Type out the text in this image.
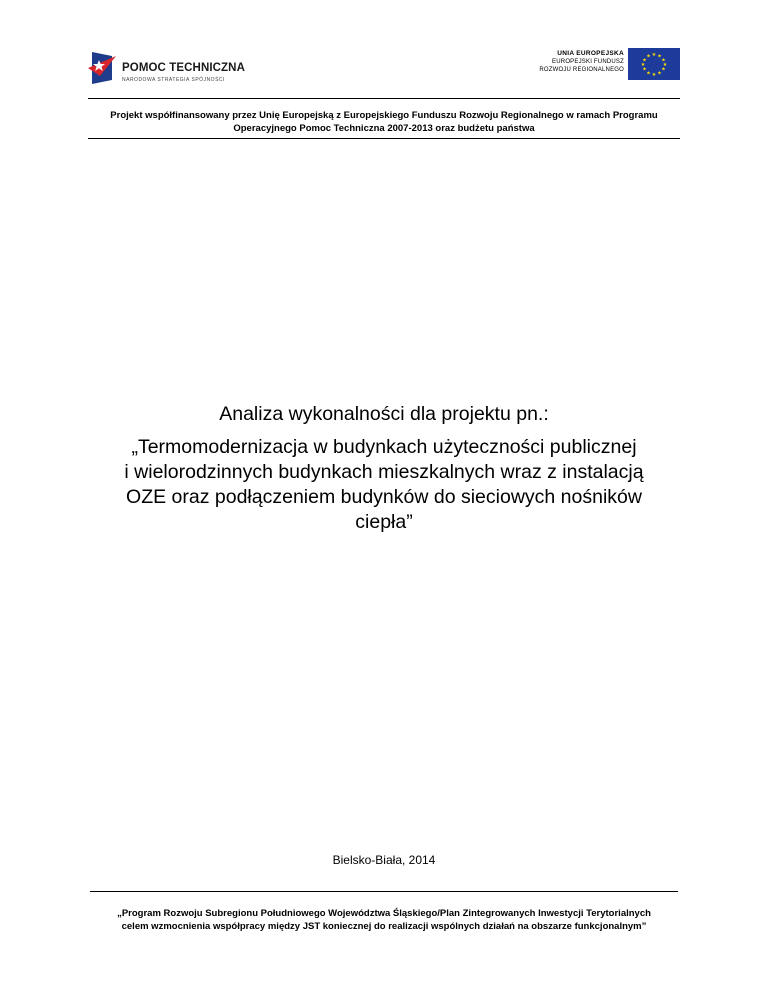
POMOC TECHNICZNA
NARODOWA STRATEGIA SPÓJNOŚCI
UNIA EUROPEJSKA
EUROPEJSKI FUNDUSZ
ROZWOJU REGIONALNEGO
★ ★
★
★
★
★
★
★
★
★
★
★
Projekt współfinansowany przez Unię Europejską z Europejskiego Funduszu Rozwoju Regionalnego w ramach Programu
Operacyjnego Pomoc Techniczna 2007-2013 oraz budżetu państwa
Analiza wykonalności dla projektu pn.:
„Termomodernizacja w budynkach użyteczności publicznej
i wielorodzinnych budynkach mieszkalnych wraz z instalacją
OZE oraz podłączeniem budynków do sieciowych nośników
ciepła”
Bielsko-Biała, 2014
„Program Rozwoju Subregionu Południowego Województwa Śląskiego/Plan Zintegrowanych Inwestycji Terytorialnych
celem wzmocnienia współpracy między JST koniecznej do realizacji wspólnych działań na obszarze funkcjonalnym”
